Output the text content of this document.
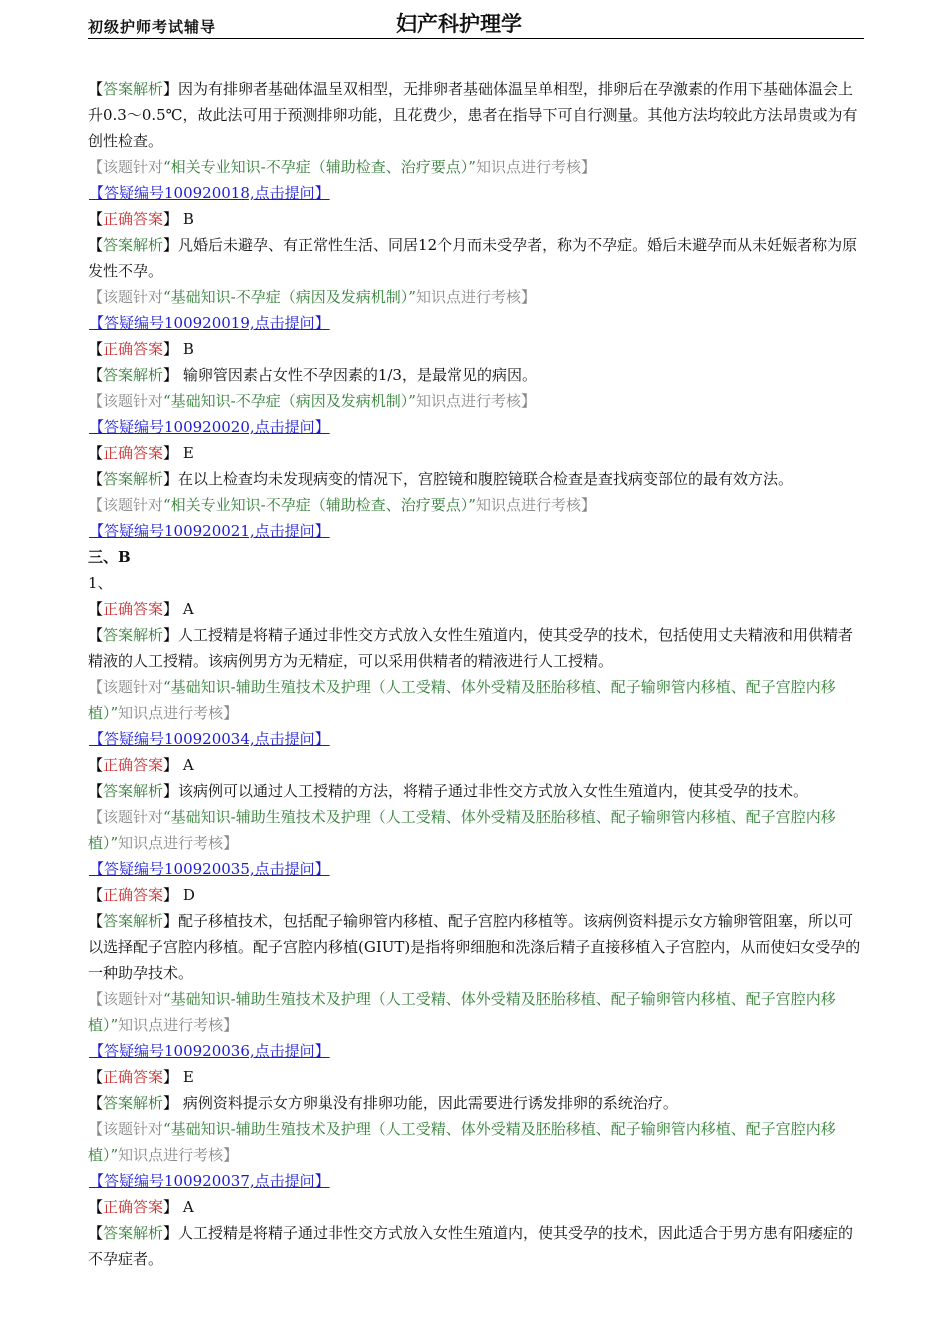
初级护师考试辅导	妇产科护理学
【答案解析】因为有排卵者基础体温呈双相型，无排卵者基础体温呈单相型，排卵后在孕激素的作用下基础体温会上升0.3～0.5℃，故此法可用于预测排卵功能，且花费少，患者在指导下可自行测量。其他方法均较此方法昂贵或为有创性检查。
【该题针对“相关专业知识-不孕症（辅助检查、治疗要点）”知识点进行考核】
【答疑编号100920018,点击提问】
【正确答案】 B
【答案解析】凡婚后未避孕、有正常性生活、同居12个月而未受孕者，称为不孕症。婚后未避孕而从未妊娠者称为原发性不孕。
【该题针对“基础知识-不孕症（病因及发病机制）”知识点进行考核】
【答疑编号100920019,点击提问】
【正确答案】 B
【答案解析】 输卵管因素占女性不孕因素的1/3，是最常见的病因。
【该题针对“基础知识-不孕症（病因及发病机制）”知识点进行考核】
【答疑编号100920020,点击提问】
【正确答案】 E
【答案解析】在以上检查均未发现病变的情况下，宫腔镜和腹腔镜联合检查是查找病变部位的最有效方法。
【该题针对“相关专业知识-不孕症（辅助检查、治疗要点）”知识点进行考核】
【答疑编号100920021,点击提问】
三、B
1、
【正确答案】 A
【答案解析】人工授精是将精子通过非性交方式放入女性生殖道内，使其受孕的技术，包括使用丈夫精液和用供精者精液的人工授精。该病例男方为无精症，可以采用供精者的精液进行人工授精。
【该题针对“基础知识-辅助生殖技术及护理（人工受精、体外受精及胚胎移植、配子输卵管内移植、配子宫腔内移植）”知识点进行考核】
【答疑编号100920034,点击提问】
【正确答案】 A
【答案解析】该病例可以通过人工授精的方法，将精子通过非性交方式放入女性生殖道内，使其受孕的技术。
【该题针对“基础知识-辅助生殖技术及护理（人工受精、体外受精及胚胎移植、配子输卵管内移植、配子宫腔内移植）”知识点进行考核】
【答疑编号100920035,点击提问】
【正确答案】 D
【答案解析】配子移植技术，包括配子输卵管内移植、配子宫腔内移植等。该病例资料提示女方输卵管阻塞，所以可以选择配子宫腔内移植。配子宫腔内移植(GIUT)是指将卵细胞和洗涤后精子直接移植入子宫腔内，从而使妇女受孕的一种助孕技术。
【该题针对“基础知识-辅助生殖技术及护理（人工受精、体外受精及胚胎移植、配子输卵管内移植、配子宫腔内移植）”知识点进行考核】
【答疑编号100920036,点击提问】
【正确答案】 E
【答案解析】 病例资料提示女方卵巢没有排卵功能，因此需要进行诱发排卵的系统治疗。
【该题针对“基础知识-辅助生殖技术及护理（人工受精、体外受精及胚胎移植、配子输卵管内移植、配子宫腔内移植）”知识点进行考核】
【答疑编号100920037,点击提问】
【正确答案】 A
【答案解析】人工授精是将精子通过非性交方式放入女性生殖道内，使其受孕的技术，因此适合于男方患有阳痿症的不孕症者。
